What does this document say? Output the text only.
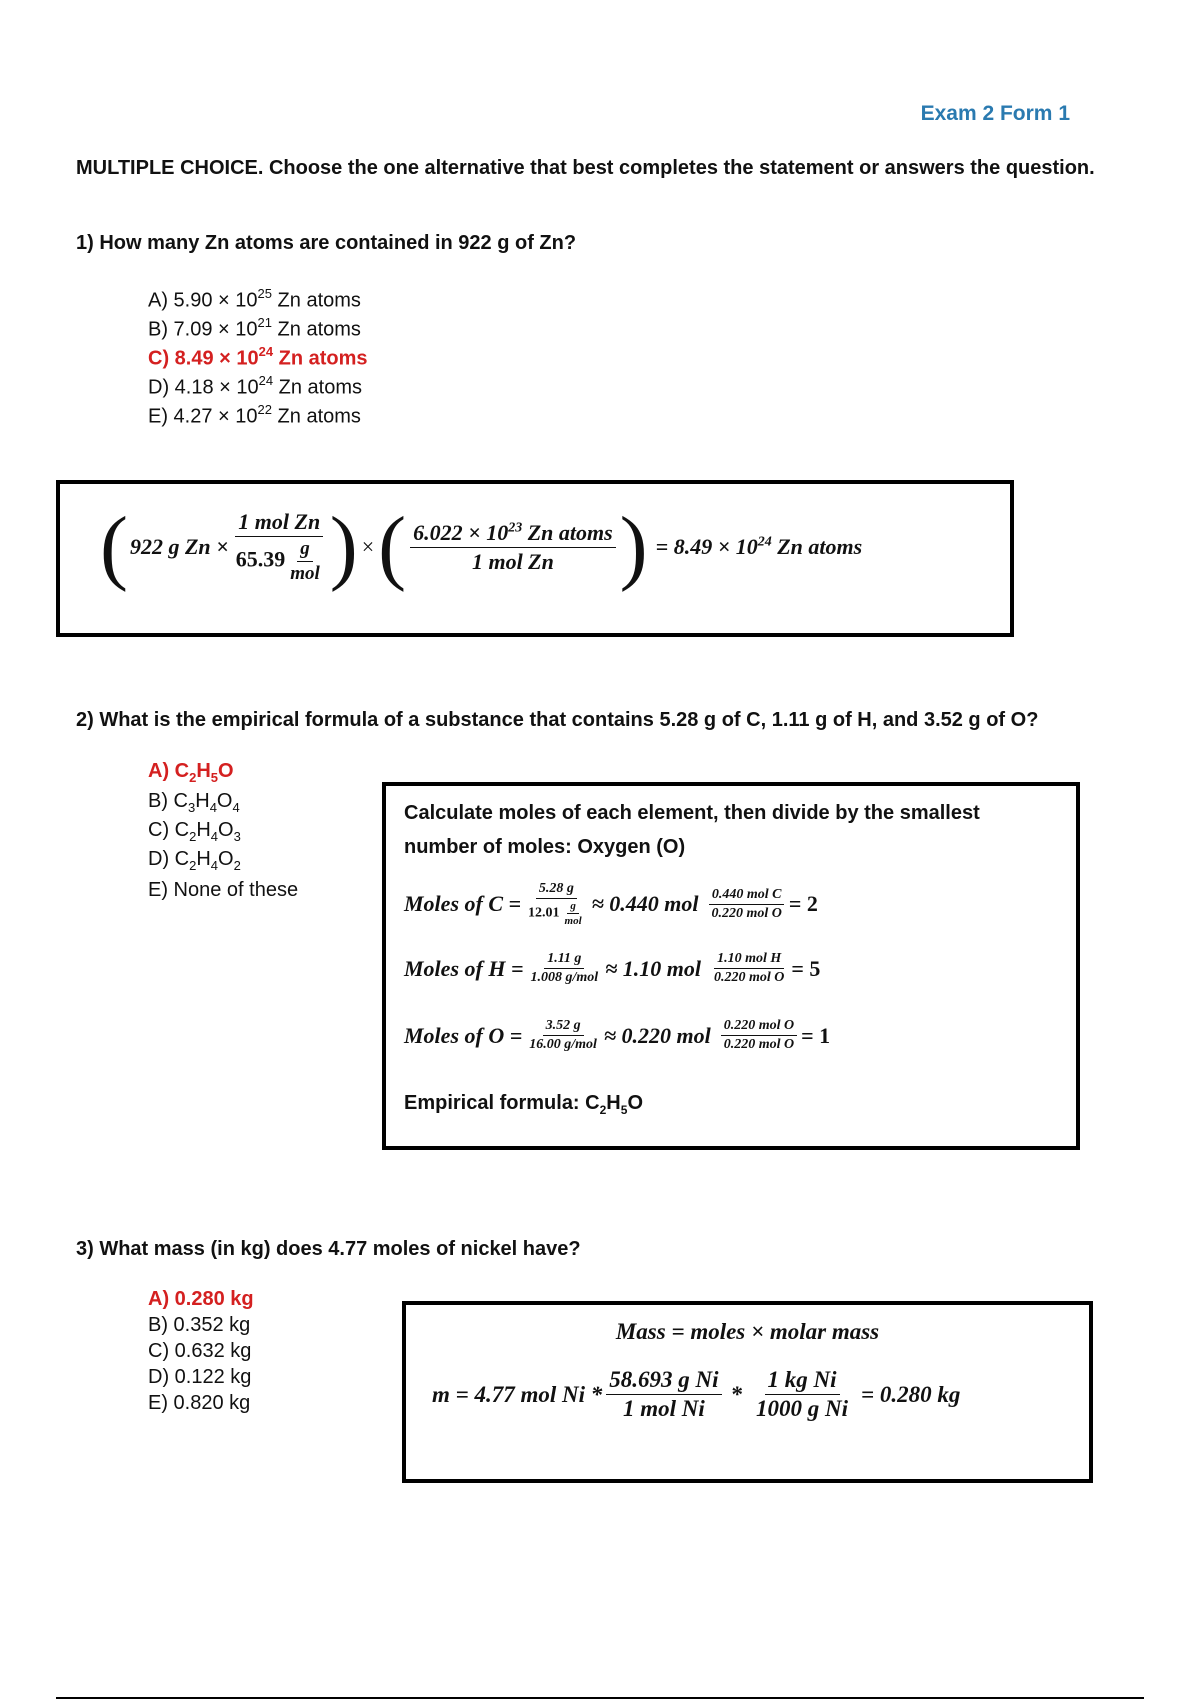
Exam 2 Form 1
MULTIPLE CHOICE. Choose the one alternative that best completes the statement or answers the question.
1) How many Zn atoms are contained in 922 g of Zn?
A) $5.90 \times 10^{25}$ Zn atoms
B) $7.09 \times 10^{21}$ Zn atoms
C) $8.49 \times 10^{24}$ Zn atoms
D) $4.18 \times 10^{24}$ Zn atoms
E) $4.27 \times 10^{22}$ Zn atoms
( 922 g $Zn \times \frac{\text{1 mol Zn}}{65.39 \frac{g}{\text{mol}}}$ ) × ( $\frac{6.022 \times 10^{23} Zn atoms}{\text{1 mol Zn}}$ ) = $8.49 \times 10^{24}$ Zn atoms
2) What is the empirical formula of a substance that contains 5.28 g of C, 1.11 g of H, and 3.52 g of O?
A) $C_2H_5O$
B) $C_3H_4O_4$
C) $C_2H_4O_3$
D) $C_2H_4O_2$
E) None of these
Calculate moles of each element, then divide by the smallest number of moles: Oxygen (O)
Moles of $C = \frac{5.28 g}{12.01 \frac{g}{\text{mol}}} \approx 0.440$ mol $\frac{\text{0.440 mol C}}{\text{0.220 mol O}} = 2$
Moles of $H = \frac{1.11 g}{\text{1.008 g/mol}} \approx 1.10$ mol $\frac{\text{1.10 mol H}}{\text{0.220 mol O}} = 5$
Moles of $O = \frac{3.52 g}{\text{16.00 g/mol}} \approx 0.220$ mol $\frac{\text{0.220 mol O}}{\text{0.220 mol O}} = 1$
Empirical formula: $C_2H_5O$
3) What mass (in kg) does 4.77 moles of nickel have?
A) 0.280 kg
B) 0.352 kg
C) 0.632 kg
D) 0.122 kg
E) 0.820 kg
Mass = moles × molar mass
m = 4.77 mol $Ni * \frac{\text{58.693 g Ni}}{\text{1 mol Ni}} * \frac{\text{1 kg Ni}}{\text{1000 g Ni}} = 0.280$ kg
